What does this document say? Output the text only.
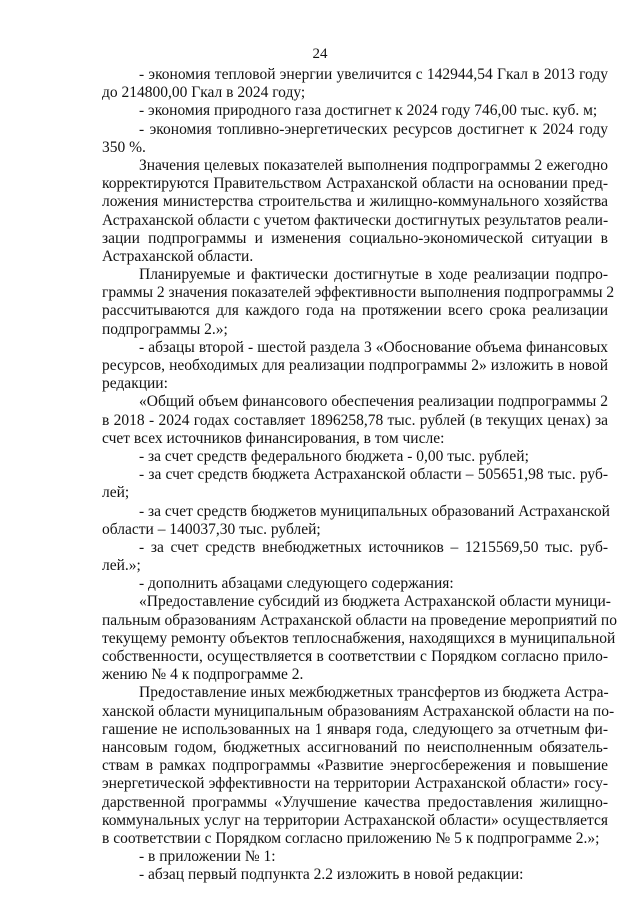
24
- экономия тепловой энергии увеличится с 142944,54 Гкал в 2013 году
до 214800,00 Гкал в 2024 году;
- экономия природного газа достигнет к 2024 году 746,00 тыс. куб. м;
- экономия топливно-энергетических ресурсов достигнет к 2024 году
350 %.
Значения целевых показателей выполнения подпрограммы 2 ежегодно
корректируются Правительством Астраханской области на основании пред-
ложения министерства строительства и жилищно-коммунального хозяйства
Астраханской области с учетом фактически достигнутых результатов реали-
зации подпрограммы и изменения социально-экономической ситуации в
Астраханской области.
Планируемые и фактически достигнутые в ходе реализации подпро-
граммы 2 значения показателей эффективности выполнения подпрограммы 2
рассчитываются для каждого года на протяжении всего срока реализации
подпрограммы 2.»;
- абзацы второй - шестой раздела 3 «Обоснование объема финансовых
ресурсов, необходимых для реализации подпрограммы 2» изложить в новой
редакции:
«Общий объем финансового обеспечения реализации подпрограммы 2
в 2018 - 2024 годах составляет 1896258,78 тыс. рублей (в текущих ценах) за
счет всех источников финансирования, в том числе:
- за счет средств федерального бюджета - 0,00 тыс. рублей;
- за счет средств бюджета Астраханской области – 505651,98 тыс. руб-
лей;
- за счет средств бюджетов муниципальных образований Астраханской
области – 140037,30 тыс. рублей;
- за счет средств внебюджетных источников – 1215569,50 тыс. руб-
лей.»;
- дополнить абзацами следующего содержания:
«Предоставление субсидий из бюджета Астраханской области муници-
пальным образованиям Астраханской области на проведение мероприятий по
текущему ремонту объектов теплоснабжения, находящихся в муниципальной
собственности, осуществляется в соответствии с Порядком согласно прило-
жению № 4 к подпрограмме 2.
Предоставление иных межбюджетных трансфертов из бюджета Астра-
ханской области муниципальным образованиям Астраханской области на по-
гашение не использованных на 1 января года, следующего за отчетным фи-
нансовым годом, бюджетных ассигнований по неисполненным обязатель-
ствам в рамках подпрограммы «Развитие энергосбережения и повышение
энергетической эффективности на территории Астраханской области» госу-
дарственной программы «Улучшение качества предоставления жилищно-
коммунальных услуг на территории Астраханской области» осуществляется
в соответствии с Порядком согласно приложению № 5 к подпрограмме 2.»;
- в приложении № 1:
- абзац первый подпункта 2.2 изложить в новой редакции:
